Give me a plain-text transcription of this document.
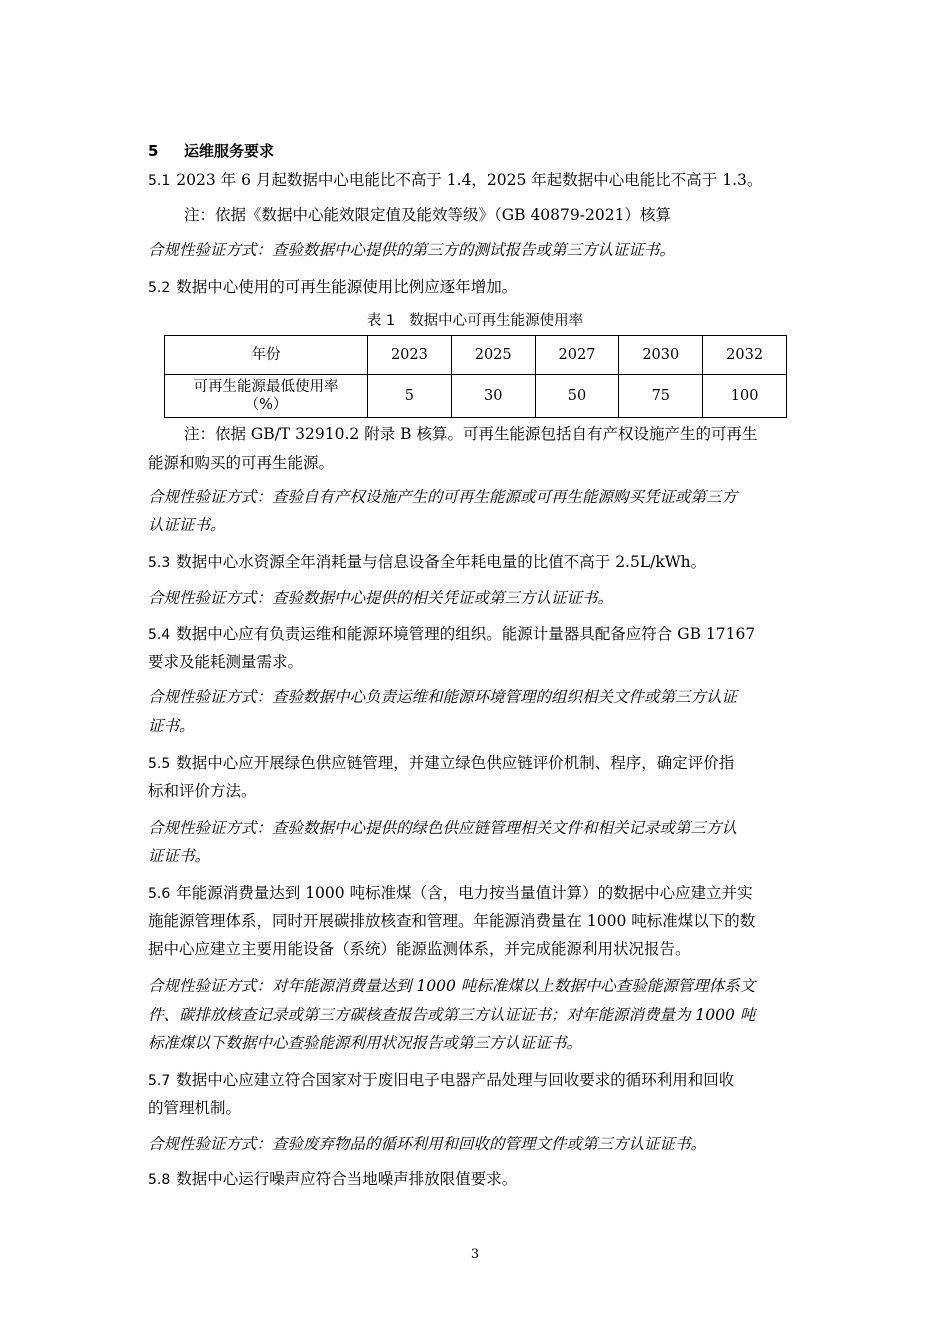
5 运维服务要求
5.1 2023 年 6 月起数据中心电能比不高于 1.4，2025 年起数据中心电能比不高于 1.3。
注：依据《数据中心能效限定值及能效等级》（GB 40879-2021）核算
合规性验证方式：查验数据中心提供的第三方的测试报告或第三方认证证书。
5.2 数据中心使用的可再生能源使用比例应逐年增加。
表 1 数据中心可再生能源使用率
年份	2023	2025	2027	2030	2032

可再生能源最低使用率
（%）	5	30	50	75	100
注：依据 GB/T 32910.2 附录 B 核算。可再生能源包括自有产权设施产生的可再生
能源和购买的可再生能源。
合规性验证方式：查验自有产权设施产生的可再生能源或可再生能源购买凭证或第三方
认证证书。
5.3 数据中心水资源全年消耗量与信息设备全年耗电量的比值不高于 2.5L/kWh。
合规性验证方式：查验数据中心提供的相关凭证或第三方认证证书。
5.4 数据中心应有负责运维和能源环境管理的组织。能源计量器具配备应符合 GB 17167
要求及能耗测量需求。
合规性验证方式：查验数据中心负责运维和能源环境管理的组织相关文件或第三方认证
证书。
5.5 数据中心应开展绿色供应链管理，并建立绿色供应链评价机制、程序，确定评价指
标和评价方法。
合规性验证方式：查验数据中心提供的绿色供应链管理相关文件和相关记录或第三方认
证证书。
5.6 年能源消费量达到 1000 吨标准煤（含，电力按当量值计算）的数据中心应建立并实
施能源管理体系，同时开展碳排放核查和管理。年能源消费量在 1000 吨标准煤以下的数
据中心应建立主要用能设备（系统）能源监测体系，并完成能源利用状况报告。
合规性验证方式：对年能源消费量达到 1000 吨标准煤以上数据中心查验能源管理体系文
件、碳排放核查记录或第三方碳核查报告或第三方认证证书；对年能源消费量为 1000 吨
标准煤以下数据中心查验能源利用状况报告或第三方认证证书。
5.7 数据中心应建立符合国家对于废旧电子电器产品处理与回收要求的循环利用和回收
的管理机制。
合规性验证方式：查验废弃物品的循环利用和回收的管理文件或第三方认证证书。
5.8 数据中心运行噪声应符合当地噪声排放限值要求。
3
